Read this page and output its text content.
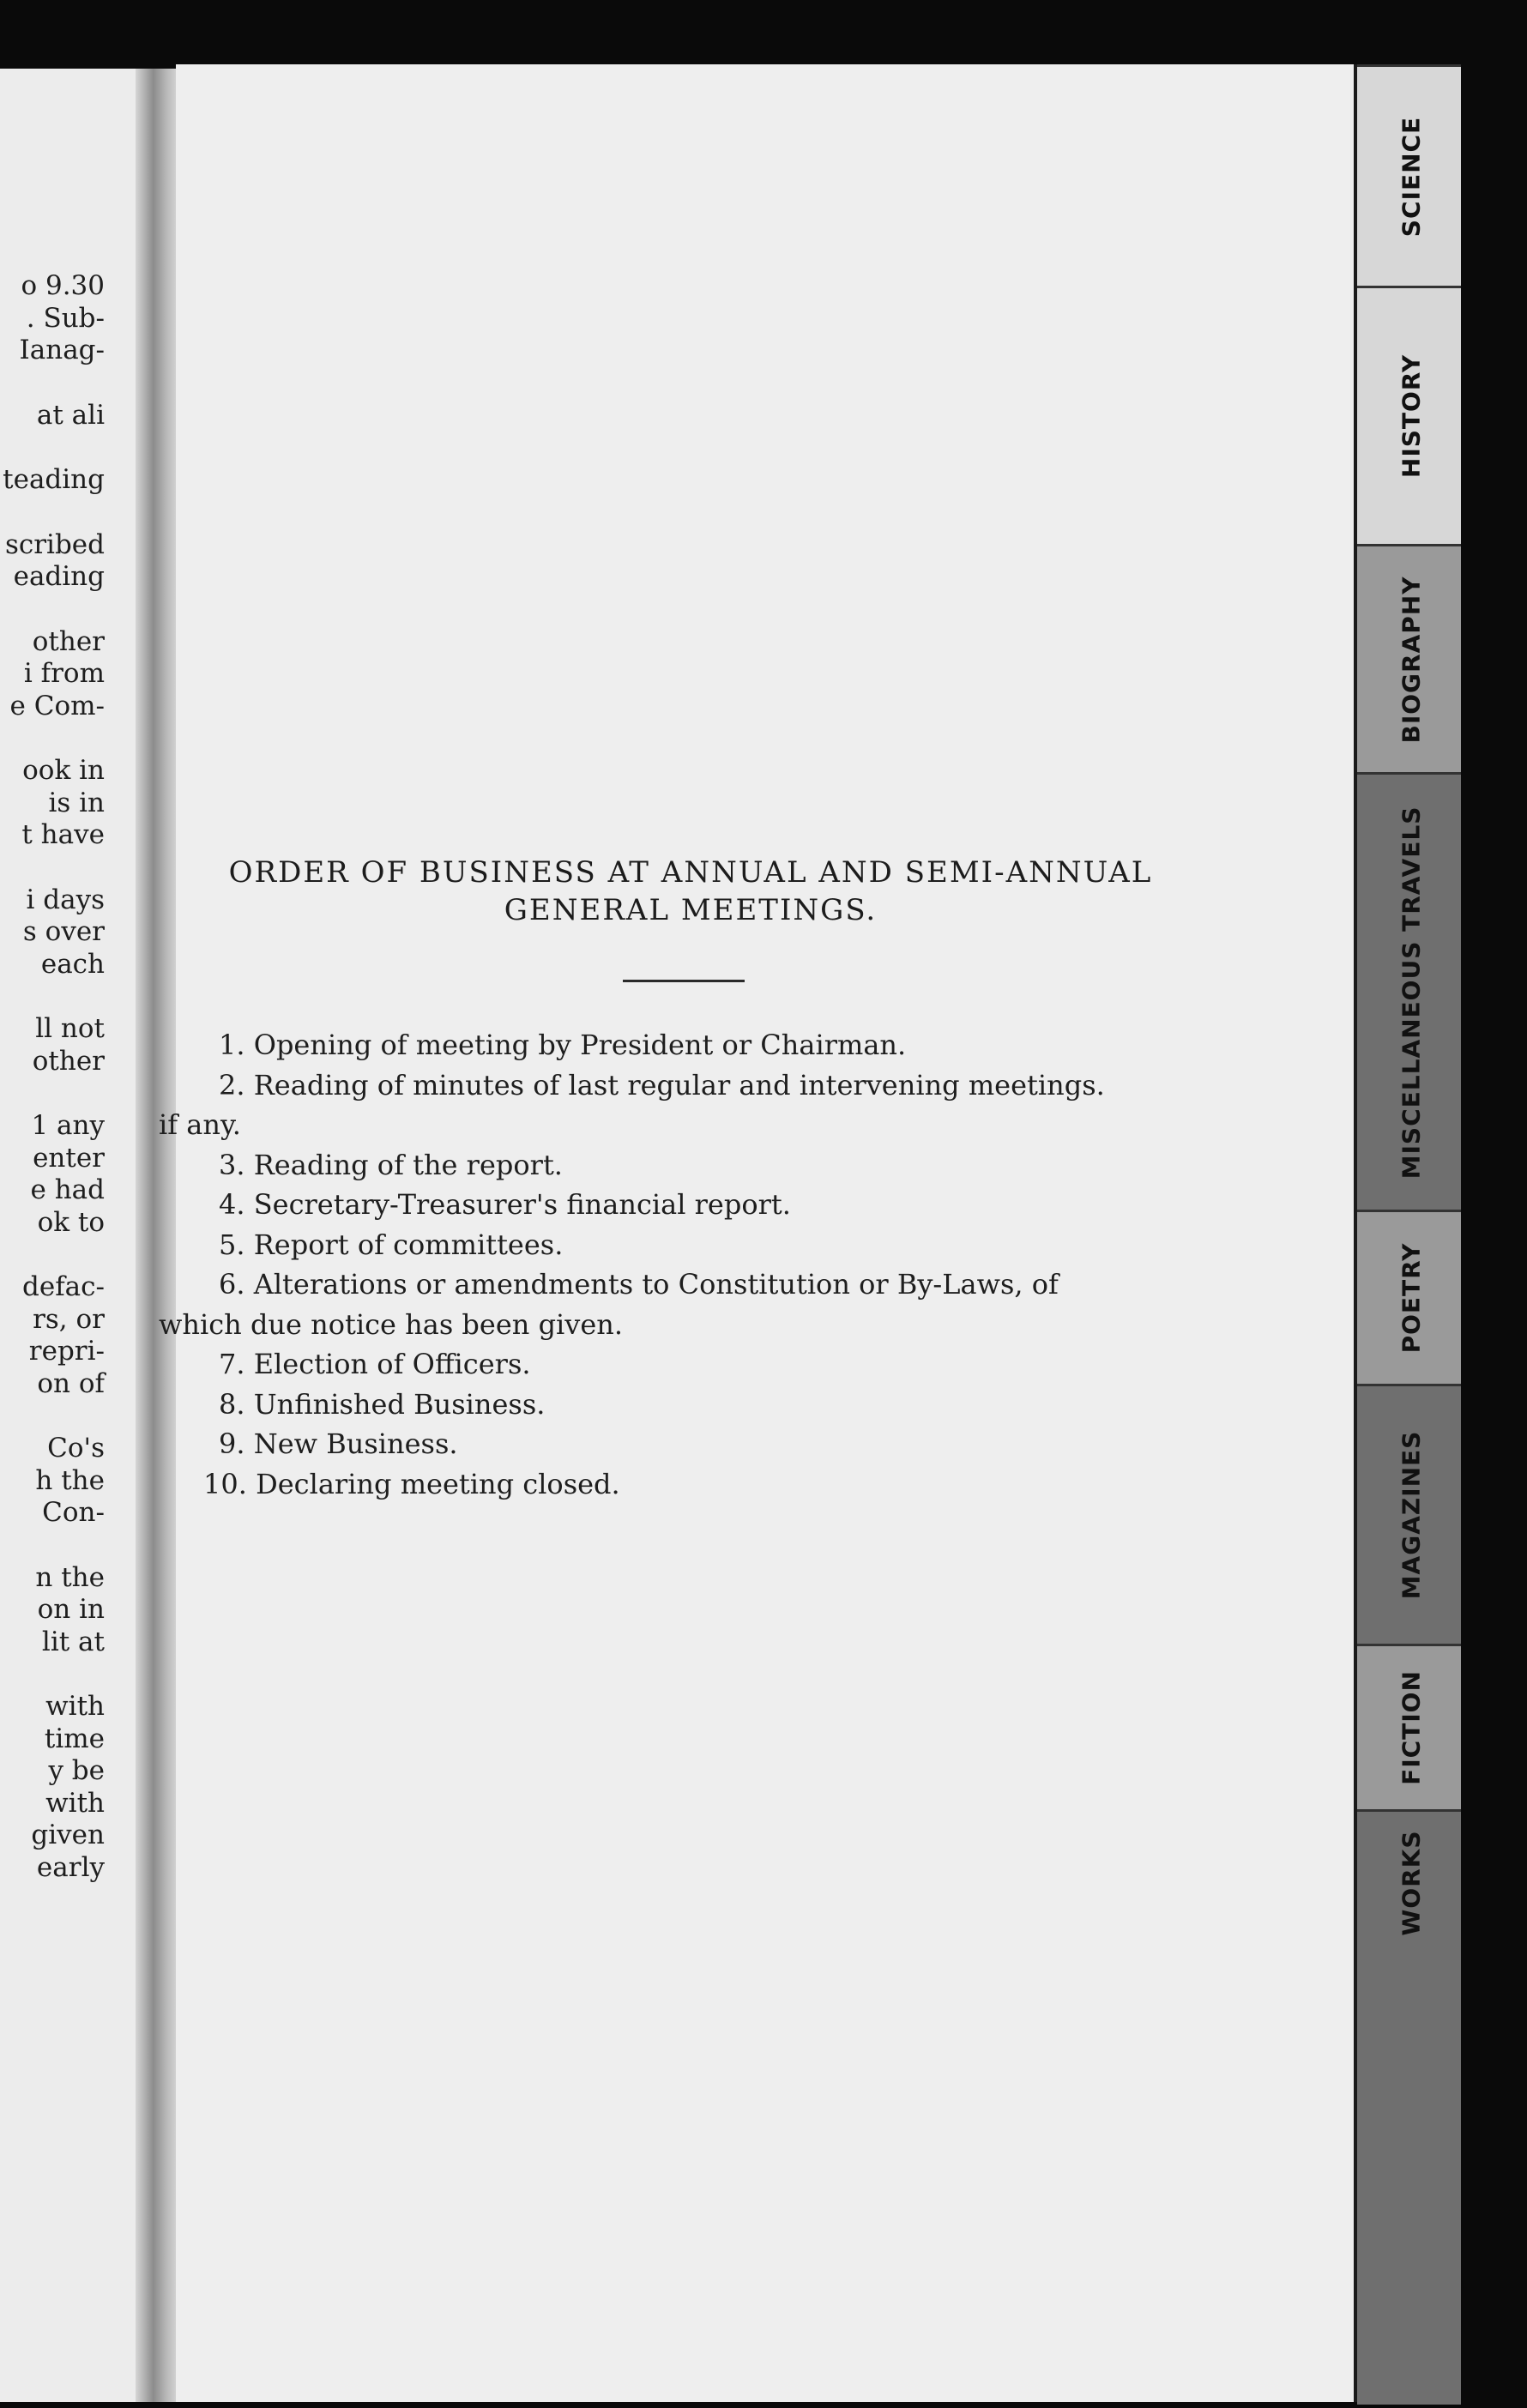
o 9.30
. Sub-
Ianag-
at ali
teading
scribed
eading
other
i from
e Com-
ook in
is in
t have
i days
s over
each
ll not
other
1 any
enter
e had
ok to
defac-
rs, or
repri-
on of
Co's
h the
Con-
n the
on in
lit at
with
time
y be
with
given
early
ORDER OF BUSINESS AT ANNUAL AND SEMI-ANNUAL
GENERAL MEETINGS.
1. Opening of meeting by President or Chairman.
2. Reading of minutes of last regular and intervening meetings.
if any.
3. Reading of the report.
4. Secretary-Treasurer's financial report.
5. Report of committees.
6. Alterations or amendments to Constitution or By-Laws, of
which due notice has been given.
7. Election of Officers.
8. Unfinished Business.
9. New Business.
10. Declaring meeting closed.
SCIENCE
HISTORY
BIOGRAPHY
MISCELLANEOUS TRAVELS
POETRY
MAGAZINES
FICTION
WORKS
